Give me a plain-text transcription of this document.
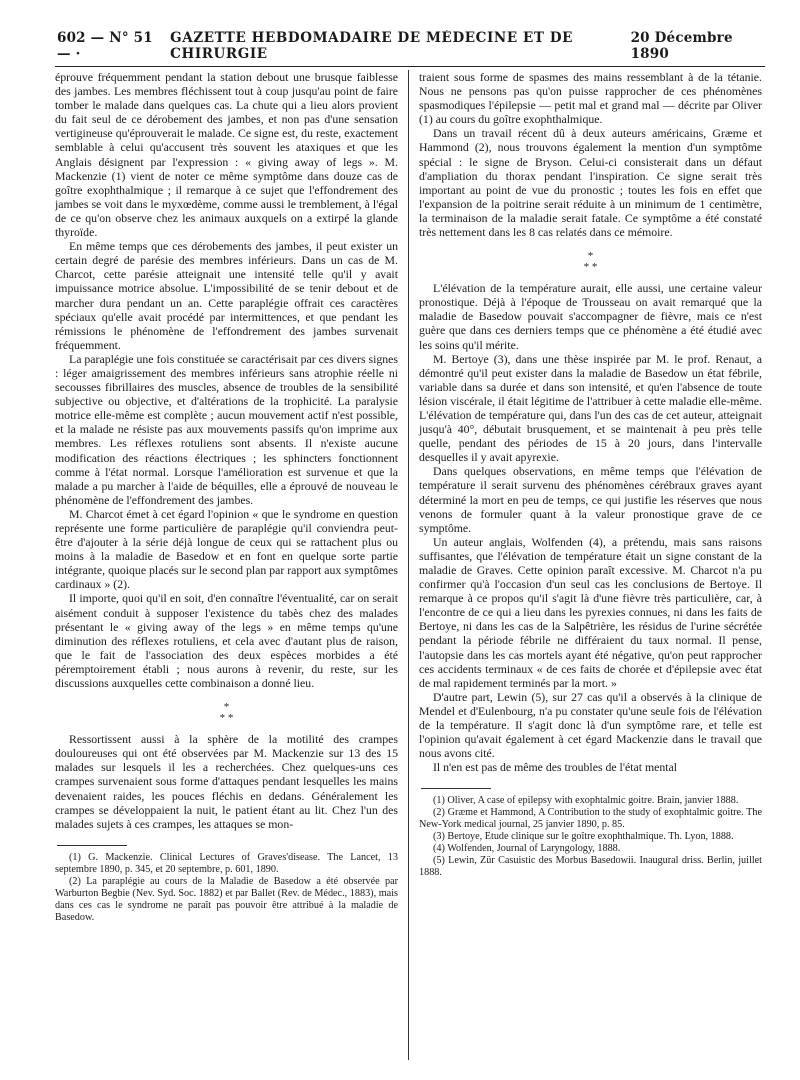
602 — N° 51 — ·
GAZETTE HEBDOMADAIRE DE MÉDECINE ET DE CHIRURGIE
20 Décembre 1890

éprouve fréquemment pendant la station debout une brusque faiblesse des jambes. Les membres fléchissent tout à coup jusqu'au point de faire tomber le malade dans quelques cas. La chute qui a lieu alors provient du fait seul de ce dérobement des jambes, et non pas d'une sensation vertigineuse qu'éprouverait le malade. Ce signe est, du reste, exactement semblable à celui qu'accusent très souvent les ataxiques et que les Anglais désignent par l'expression : « giving away of legs ». M. Mackenzie (1) vient de noter ce même symptôme dans douze cas de goître exophthalmique ; il remarque à ce sujet que l'effondrement des jambes se voit dans le myxœdème, comme aussi le tremblement, à l'égal de ce qu'on observe chez les animaux auxquels on a extirpé la glande thyroïde.

En même temps que ces dérobements des jambes, il peut exister un certain degré de parésie des membres inférieurs. Dans un cas de M. Charcot, cette parésie atteignait une intensité telle qu'il y avait impuissance motrice absolue. L'impossibilité de se tenir debout et de marcher dura pendant un an. Cette paraplégie offrait ces caractères spéciaux qu'elle avait procédé par intermittences, et que pendant les rémissions le phénomène de l'effondrement des jambes survenait fréquemment.

La paraplégie une fois constituée se caractérisait par ces divers signes : léger amaigrissement des membres inférieurs sans atrophie réelle ni secousses fibrillaires des muscles, absence de troubles de la sensibilité subjective ou objective, et d'altérations de la trophicité. La paralysie motrice elle-même est complète ; aucun mouvement actif n'est possible, et la malade ne résiste pas aux mouvements passifs qu'on imprime aux membres. Les réflexes rotuliens sont absents. Il n'existe aucune modification des réactions électriques ; les sphincters fonctionnent comme à l'état normal. Lorsque l'amélioration est survenue et que la malade a pu marcher à l'aide de béquilles, elle a éprouvé de nouveau le phénomène de l'effondrement des jambes.

M. Charcot émet à cet égard l'opinion « que le syndrome en question représente une forme particulière de paraplégie qu'il conviendra peut-être d'ajouter à la série déjà longue de ceux qui se rattachent plus ou moins à la maladie de Basedow et en font en quelque sorte partie intégrante, quoique placés sur le second plan par rapport aux symptômes cardinaux » (2).

Il importe, quoi qu'il en soit, d'en connaître l'éventualité, car on serait aisément conduit à supposer l'existence du tabès chez des malades présentant le « giving away of the legs » en même temps qu'une diminution des réflexes rotuliens, et cela avec d'autant plus de raison, que le fait de l'association des deux espèces morbides a été péremptoirement établi ; nous aurons à revenir, du reste, sur les discussions auxquelles cette combinaison a donné lieu.

*
* *

Ressortissent aussi à la sphère de la motilité des crampes douloureuses qui ont été observées par M. Mackenzie sur 13 des 15 malades sur lesquels il les a recherchées. Chez quelques-uns ces crampes survenaient sous forme d'attaques pendant lesquelles les mains devenaient raides, les pouces fléchis en dedans. Généralement les crampes se développaient la nuit, le patient étant au lit. Chez l'un des malades sujets à ces crampes, les attaques se mon-

(1) G. Mackenzie. Clinical Lectures of Graves'disease. The Lancet, 13 septembre 1890, p. 345, et 20 septembre, p. 601, 1890.

(2) La paraplégie au cours de la Maladie de Basedow a été observée par Warburton Begbie (Nev. Syd. Soc. 1882) et par Ballet (Rev. de Médec., 1883), mais dans ces cas le syndrome ne paraît pas pouvoir être attribué à la maladie de Basedow.

traient sous forme de spasmes des mains ressemblant à de la tétanie. Nous ne pensons pas qu'on puisse rapprocher de ces phénomènes spasmodiques l'épilepsie — petit mal et grand mal — décrite par Oliver (1) au cours du goître exophthalmique.

Dans un travail récent dû à deux auteurs américains, Græme et Hammond (2), nous trouvons également la mention d'un symptôme spécial : le signe de Bryson. Celui-ci consisterait dans un défaut d'ampliation du thorax pendant l'inspiration. Ce signe serait très important au point de vue du pronostic ; toutes les fois en effet que l'expansion de la poitrine serait réduite à un minimum de 1 centimètre, la terminaison de la maladie serait fatale. Ce symptôme a été constaté très nettement dans les 8 cas relatés dans ce mémoire.

*
* *

L'élévation de la température aurait, elle aussi, une certaine valeur pronostique. Déjà à l'époque de Trousseau on avait remarqué que la maladie de Basedow pouvait s'accompagner de fièvre, mais ce n'est guère que dans ces derniers temps que ce phénomène a été étudié avec les soins qu'il mérite.

M. Bertoye (3), dans une thèse inspirée par M. le prof. Renaut, a démontré qu'il peut exister dans la maladie de Basedow un état fébrile, variable dans sa durée et dans son intensité, et qu'en l'absence de toute lésion viscérale, il était légitime de l'attribuer à cette maladie elle-même. L'élévation de température qui, dans l'un des cas de cet auteur, atteignait jusqu'à 40°, débutait brusquement, et se maintenait à peu près telle quelle, pendant des périodes de 15 à 20 jours, dans l'intervalle desquelles il y avait apyrexie.

Dans quelques observations, en même temps que l'élévation de température il serait survenu des phénomènes cérébraux graves ayant déterminé la mort en peu de temps, ce qui justifie les réserves que nous venons de formuler quant à la valeur pronostique grave de ce symptôme.

Un auteur anglais, Wolfenden (4), a prétendu, mais sans raisons suffisantes, que l'élévation de température était un signe constant de la maladie de Graves. Cette opinion paraît excessive. M. Charcot n'a pu confirmer qu'à l'occasion d'un seul cas les conclusions de Bertoye. Il remarque à ce propos qu'il s'agit là d'une fièvre très particulière, car, à l'encontre de ce qui a lieu dans les pyrexies connues, ni dans les faits de Bertoye, ni dans les cas de la Salpêtrière, les résidus de l'urine sécrétée pendant la période fébrile ne différaient du taux normal. Il pense, l'autopsie dans les cas mortels ayant été négative, qu'on peut rapprocher ces accidents terminaux « de ces faits de chorée et d'épilepsie avec état de mal rapidement terminés par la mort. »

D'autre part, Lewin (5), sur 27 cas qu'il a observés à la clinique de Mendel et d'Eulenbourg, n'a pu constater qu'une seule fois de l'élévation de la température. Il s'agit donc là d'un symptôme rare, et telle est l'opinion qu'avait également à cet égard Mackenzie dans le travail que nous avons cité.

Il n'en est pas de même des troubles de l'état mental

(1) Oliver, A case of epilepsy with exophtalmic goitre. Brain, janvier 1888.

(2) Græme et Hammond, A Contribution to the study of exophtalmic goitre. The New-York medical journal, 25 janvier 1890, p. 85.

(3) Bertoye, Etude clinique sur le goître exophthalmique. Th. Lyon, 1888.

(4) Wolfenden, Journal of Laryngology, 1888.

(5) Lewin, Zür Casuistic des Morbus Basedowii. Inaugural driss. Berlin, juillet 1888.
